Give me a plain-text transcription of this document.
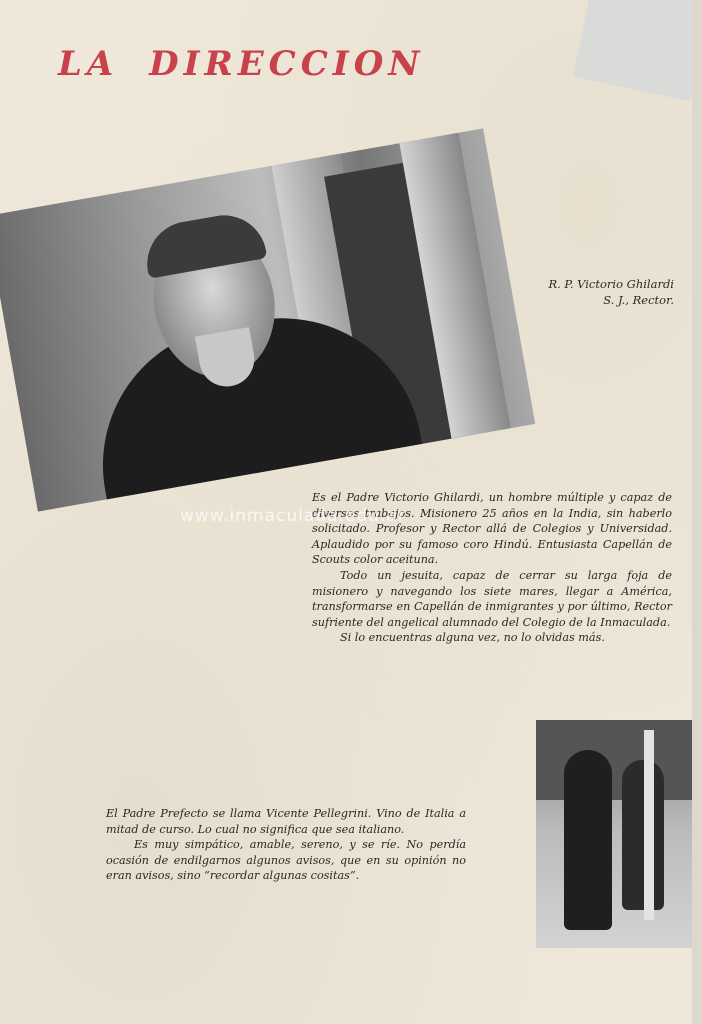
LA DIRECCION
R. P. Victorio Ghilardi
S. J., Rector.

Es el Padre Victorio Ghilardi, un hombre múltiple y capaz de diversos trabajos. Misionero 25 años en la India, sin haberlo solicitado. Profesor y Rector allá de Colegios y Universidad. Aplaudido por su famoso coro Hindú. Entusiasta Capellán de Scouts color aceituna.

Todo un jesuita, capaz de cerrar su larga foja de misionero y navegando los siete mares, llegar a América, transformarse en Capellán de inmigrantes y por último, Rector sufriente del angelical alumnado del Colegio de la Inmaculada.

Si lo encuentras alguna vez, no lo olvidas más.

www.inmaculada.edu.ar

El Padre Prefecto se llama Vicente Pellegrini. Vino de Italia a mitad de curso. Lo cual no significa que sea italiano.

Es muy simpático, amable, sereno, y se ríe. No perdía ocasión de endilgarnos algunos avisos, que en su opinión no eran avisos, sino “recordar algunas cositas”.
